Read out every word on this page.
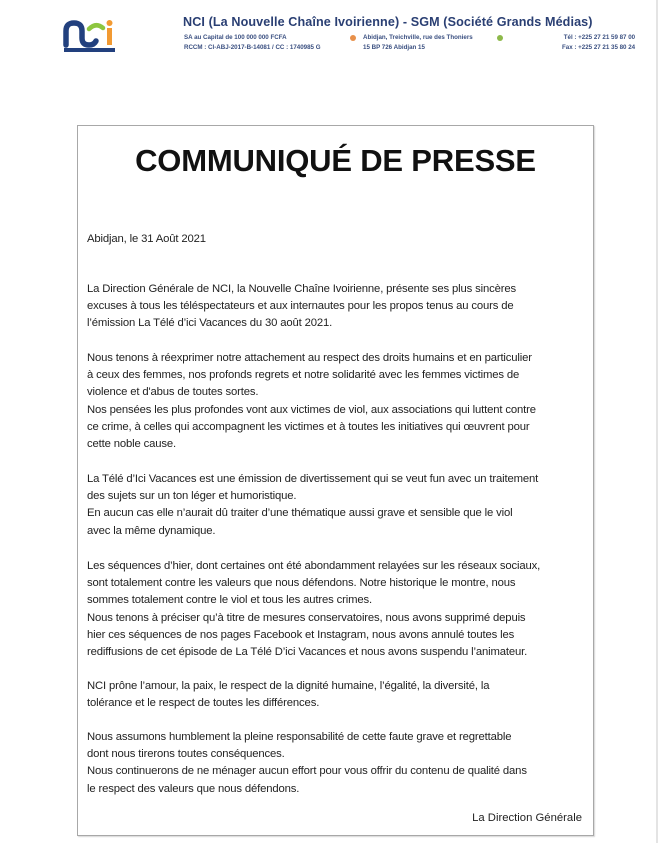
NCI (La Nouvelle Chaîne Ivoirienne) - SGM (Société Grands Médias)
SA au Capital de 100 000 000 FCFA
RCCM : CI-ABJ-2017-B-14081 / CC : 1740985 G
Abidjan, Treichville, rue des Thoniers
15 BP 726 Abidjan 15
Tél : +225 27 21 59 87 00
Fax : +225 27 21 35 80 24
COMMUNIQUÉ DE PRESSE
Abidjan, le 31 Août 2021
La Direction Générale de NCI, la Nouvelle Chaîne Ivoirienne, présente ses plus sincères
excuses à tous les téléspectateurs et aux internautes pour les propos tenus au cours de
l’émission La Télé d’ici Vacances du 30 août 2021.
Nous tenons à réexprimer notre attachement au respect des droits humains et en particulier
à ceux des femmes, nos profonds regrets et notre solidarité avec les femmes victimes de
violence et d'abus de toutes sortes.
Nos pensées les plus profondes vont aux victimes de viol, aux associations qui luttent contre
ce crime, à celles qui accompagnent les victimes et à toutes les initiatives qui œuvrent pour
cette noble cause.
La Télé d’Ici Vacances est une émission de divertissement qui se veut fun avec un traitement
des sujets sur un ton léger et humoristique.
En aucun cas elle n’aurait dû traiter d’une thématique aussi grave et sensible que le viol
avec la même dynamique.
Les séquences d’hier, dont certaines ont été abondamment relayées sur les réseaux sociaux,
sont totalement contre les valeurs que nous défendons. Notre historique le montre, nous
sommes totalement contre le viol et tous les autres crimes.
Nous tenons à préciser qu’à titre de mesures conservatoires, nous avons supprimé depuis
hier ces séquences de nos pages Facebook et Instagram, nous avons annulé toutes les
rediffusions de cet épisode de La Télé D’ici Vacances et nous avons suspendu l’animateur.
NCI prône l’amour, la paix, le respect de la dignité humaine, l’égalité, la diversité, la
tolérance et le respect de toutes les différences.
Nous assumons humblement la pleine responsabilité de cette faute grave et regrettable
dont nous tirerons toutes conséquences.
Nous continuerons de ne ménager aucun effort pour vous offrir du contenu de qualité dans
le respect des valeurs que nous défendons.
La Direction Générale
